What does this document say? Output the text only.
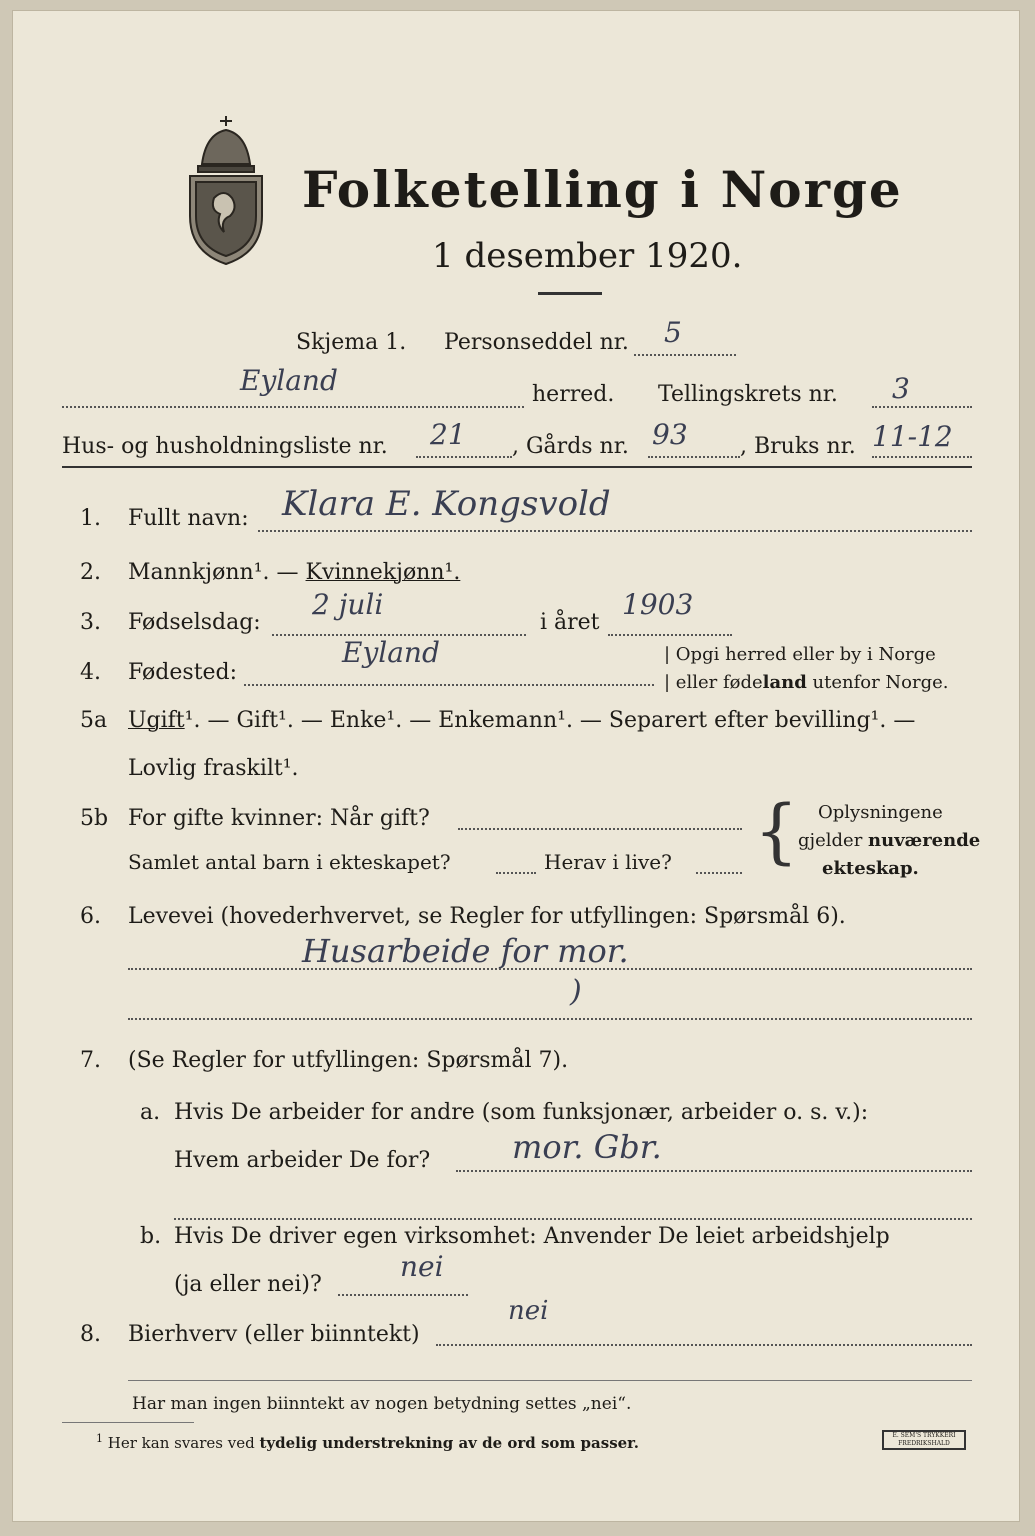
Folketelling i Norge
1 desember 1920.
Skjema 1. Personseddel nr. 5
Eyland	herred. Tellingskrets nr. 3
Hus- og husholdningsliste nr. 21 , Gårds nr. 93 , Bruks nr. 11-12
1. Fullt navn: Klara E. Kongsvold
2. Mannkjønn¹. — Kvinnekjønn¹.
3. Fødselsdag:
2 juli
i året
1903
4. Fødested:
Eyland	| Opgi herred eller by i Norge
| eller fødeland utenfor Norge.
5a Ugift¹. — Gift¹. — Enke¹. — Enkemann¹. — Separert efter bevilling¹. —
Lovlig fraskilt¹.
5b For gifte kvinner: Når gift?
Samlet antal barn i ekteskapet?	Herav i live? { Oplysningene
gjelder nuværende
ekteskap.
6. Levevei (hovederhvervet, se Regler for utfyllingen: Spørsmål 6).
Husarbeide for mor.
)
7. (Se Regler for utfyllingen: Spørsmål 7).
a. Hvis De arbeider for andre (som funksjonær, arbeider o. s. v.):
Hvem arbeider De for?	mor. Gbr.
b. Hvis De driver egen virksomhet: Anvender De leiet arbeidshjelp
(ja eller nei)?
nei
8. Bierhverv (eller biinntekt)
nei
Har man ingen biinntekt av nogen betydning settes „nei“.
$^1$ Her kan svares ved tydelig understrekning av de ord som passer.	E. SEM'S TRYKKERI FREDRIKSHALD
